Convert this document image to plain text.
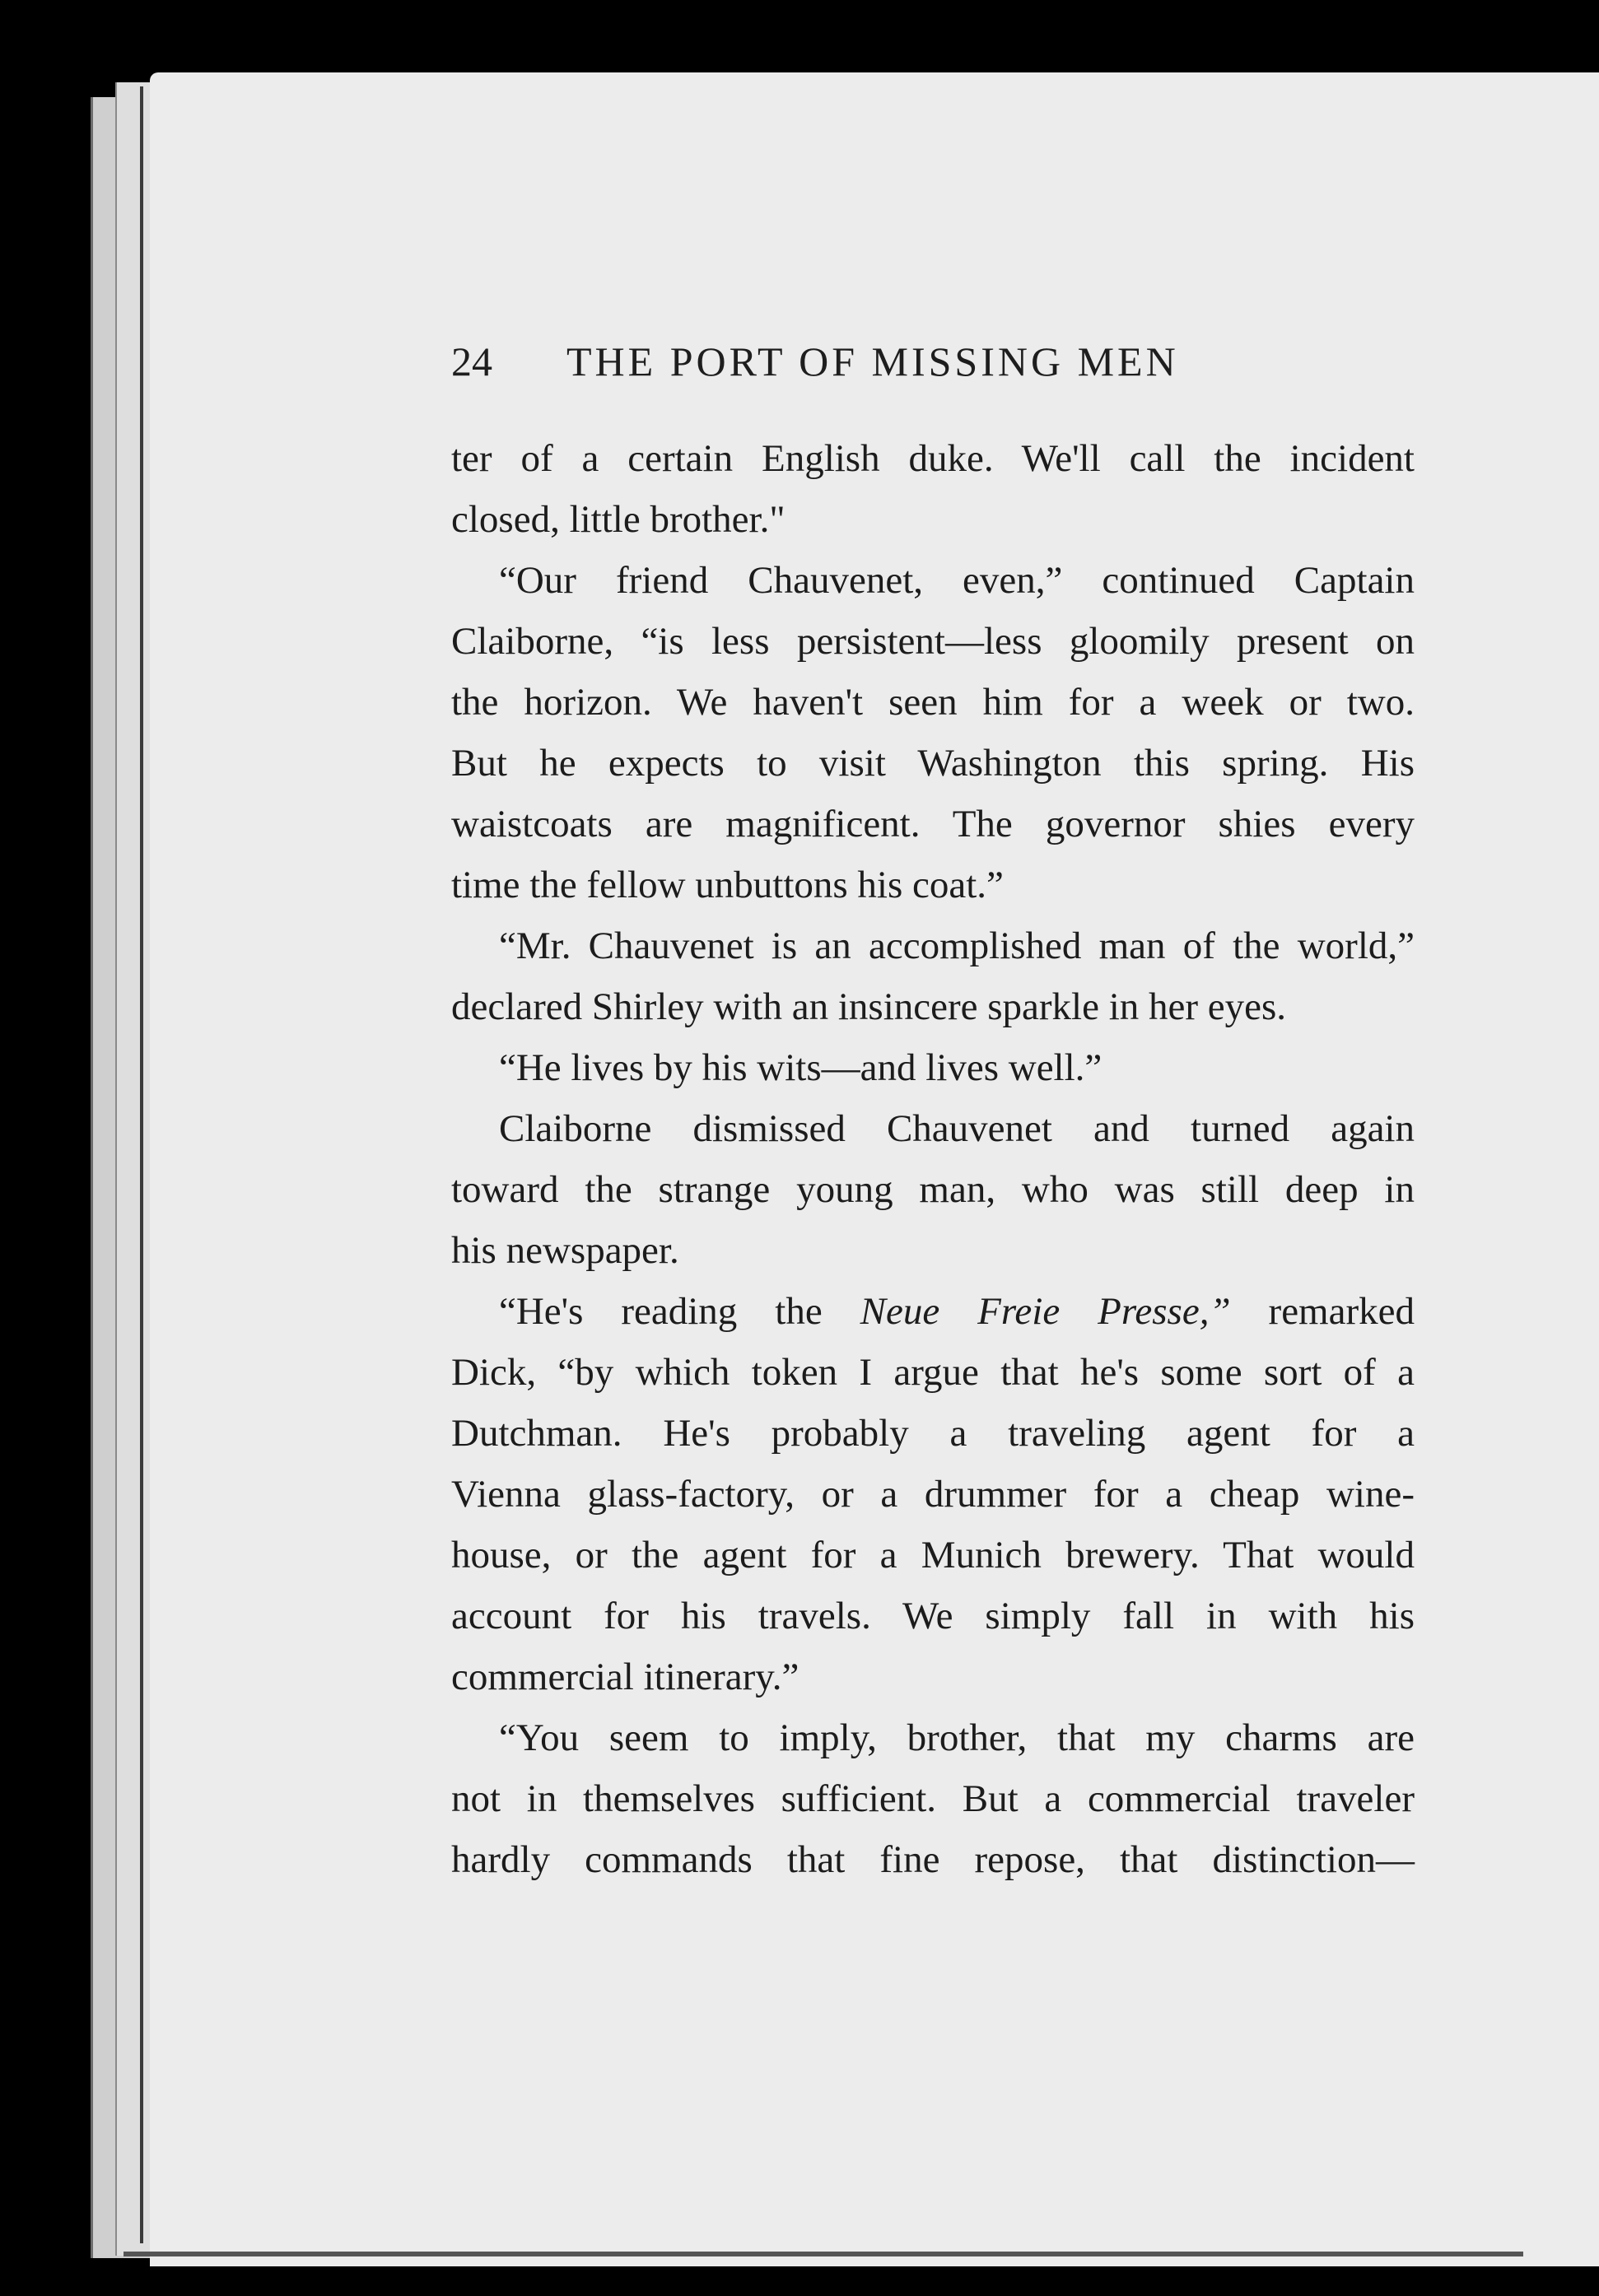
24 THE PORT OF MISSING MEN
ter of a certain English duke. We'll call the incident
closed, little brother."
“Our friend Chauvenet, even,” continued Captain
Claiborne, “is less persistent—less gloomily present on
the horizon. We haven't seen him for a week or two.
But he expects to visit Washington this spring. His
waistcoats are magnificent. The governor shies every
time the fellow unbuttons his coat.”
“Mr. Chauvenet is an accomplished man of the world,”
declared Shirley with an insincere sparkle in her eyes.
“He lives by his wits—and lives well.”
Claiborne dismissed Chauvenet and turned again
toward the strange young man, who was still deep in
his newspaper.
“He's reading the Neue Freie Presse,” remarked
Dick, “by which token I argue that he's some sort of a
Dutchman. He's probably a traveling agent for a
Vienna glass-factory, or a drummer for a cheap wine-
house, or the agent for a Munich brewery. That would
account for his travels. We simply fall in with his
commercial itinerary.”
“You seem to imply, brother, that my charms are
not in themselves sufficient. But a commercial traveler
hardly commands that fine repose, that distinction—
